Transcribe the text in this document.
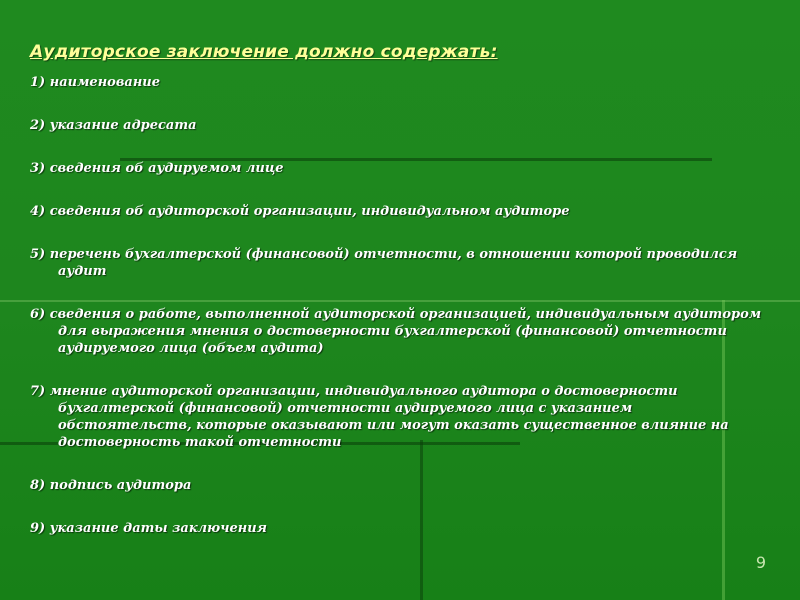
Аудиторское заключение должно содержать:
1) наименование
2) указание адресата
3) сведения об аудируемом лице
4) сведения об аудиторской организации, индивидуальном аудиторе
5) перечень бухгалтерской (финансовой) отчетности, в отношении которой проводился аудит
6) сведения о работе, выполненной аудиторской организацией, индивидуальным аудитором для выражения мнения о достоверности бухгалтерской (финансовой) отчетности аудируемого лица (объем аудита)
7) мнение аудиторской организации, индивидуального аудитора о достоверности бухгалтерской (финансовой) отчетности аудируемого лица с указанием обстоятельств, которые оказывают или могут оказать существенное влияние на достоверность такой отчетности
8) подпись аудитора
9) указание даты заключения
9
